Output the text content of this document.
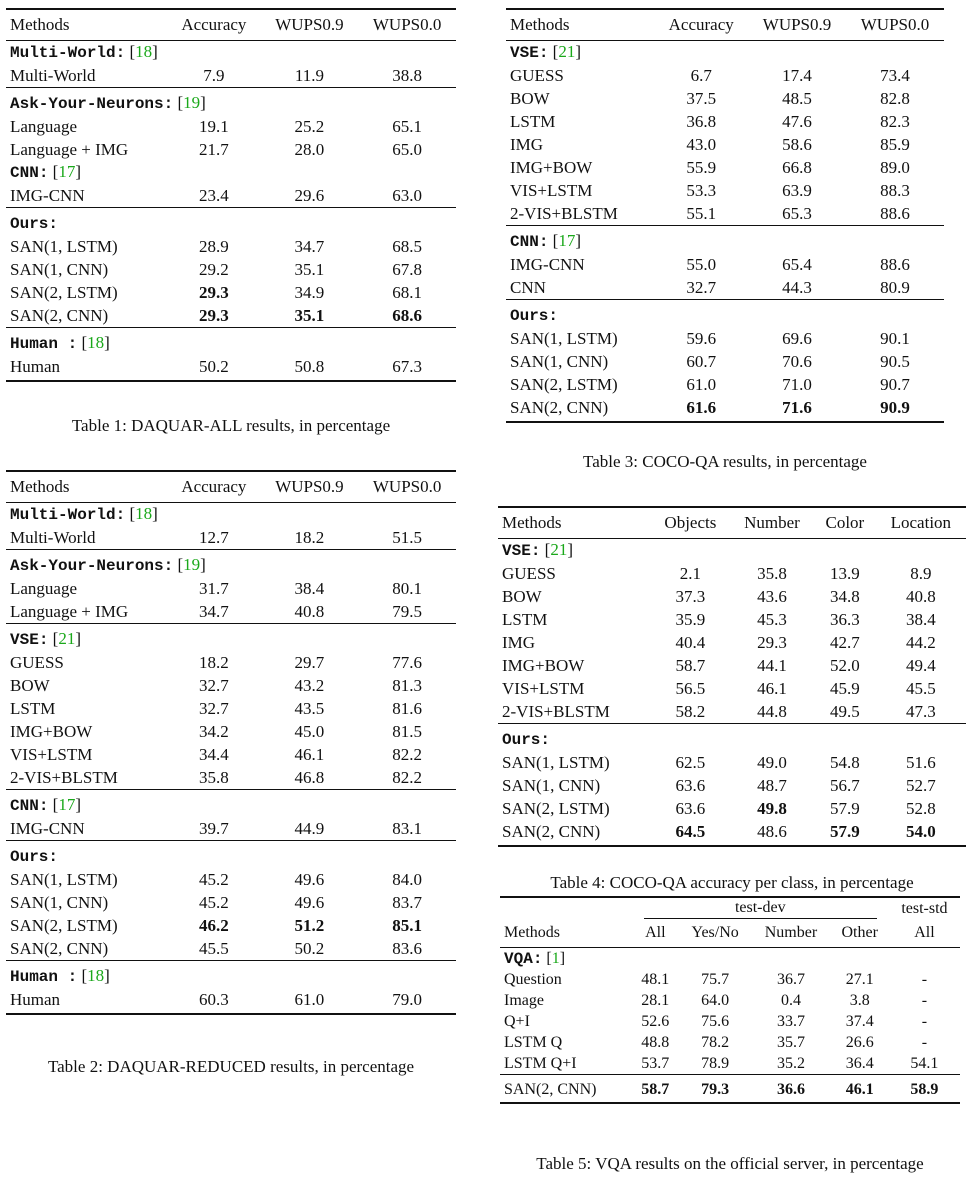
Methods	Accuracy	WUPS0.9	WUPS0.0
Multi-World: [18]			
Multi-World	7.9	11.9	38.8
Ask-Your-Neurons: [19]			
Language	19.1	25.2	65.1
Language + IMG	21.7	28.0	65.0
CNN: [17]			
IMG-CNN	23.4	29.6	63.0
Ours:			
SAN(1, LSTM)	28.9	34.7	68.5
SAN(1, CNN)	29.2	35.1	67.8
SAN(2, LSTM)	29.3	34.9	68.1
SAN(2, CNN)	29.3	35.1	68.6
Human : [18]			
Human	50.2	50.8	67.3
Table 1: DAQUAR-ALL results, in percentage
Methods	Accuracy	WUPS0.9	WUPS0.0
Multi-World: [18]			
Multi-World	12.7	18.2	51.5
Ask-Your-Neurons: [19]			
Language	31.7	38.4	80.1
Language + IMG	34.7	40.8	79.5
VSE: [21]			
GUESS	18.2	29.7	77.6
BOW	32.7	43.2	81.3
LSTM	32.7	43.5	81.6
IMG+BOW	34.2	45.0	81.5
VIS+LSTM	34.4	46.1	82.2
2-VIS+BLSTM	35.8	46.8	82.2
CNN: [17]			
IMG-CNN	39.7	44.9	83.1
Ours:			
SAN(1, LSTM)	45.2	49.6	84.0
SAN(1, CNN)	45.2	49.6	83.7
SAN(2, LSTM)	46.2	51.2	85.1
SAN(2, CNN)	45.5	50.2	83.6
Human : [18]			
Human	60.3	61.0	79.0
Table 2: DAQUAR-REDUCED results, in percentage
Methods	Accuracy	WUPS0.9	WUPS0.0
VSE: [21]			
GUESS	6.7	17.4	73.4
BOW	37.5	48.5	82.8
LSTM	36.8	47.6	82.3
IMG	43.0	58.6	85.9
IMG+BOW	55.9	66.8	89.0
VIS+LSTM	53.3	63.9	88.3
2-VIS+BLSTM	55.1	65.3	88.6
CNN: [17]			
IMG-CNN	55.0	65.4	88.6
CNN	32.7	44.3	80.9
Ours:			
SAN(1, LSTM)	59.6	69.6	90.1
SAN(1, CNN)	60.7	70.6	90.5
SAN(2, LSTM)	61.0	71.0	90.7
SAN(2, CNN)	61.6	71.6	90.9
Table 3: COCO-QA results, in percentage
Methods	Objects	Number	Color	Location
VSE: [21]				
GUESS	2.1	35.8	13.9	8.9
BOW	37.3	43.6	34.8	40.8
LSTM	35.9	45.3	36.3	38.4
IMG	40.4	29.3	42.7	44.2
IMG+BOW	58.7	44.1	52.0	49.4
VIS+LSTM	56.5	46.1	45.9	45.5
2-VIS+BLSTM	58.2	44.8	49.5	47.3
Ours:				
SAN(1, LSTM)	62.5	49.0	54.8	51.6
SAN(1, CNN)	63.6	48.7	56.7	52.7
SAN(2, LSTM)	63.6	49.8	57.9	52.8
SAN(2, CNN)	64.5	48.6	57.9	54.0
Table 4: COCO-QA accuracy per class, in percentage

	test-dev				test-std
Methods	All	Yes/No	Number	Other	All
VQA: [1]					
Question	48.1	75.7	36.7	27.1	-
Image	28.1	64.0	0.4	3.8	-
Q+I	52.6	75.6	33.7	37.4	-
LSTM Q	48.8	78.2	35.7	26.6	-
LSTM Q+I	53.7	78.9	35.2	36.4	54.1
SAN(2, CNN)	58.7	79.3	36.6	46.1	58.9
Table 5: VQA results on the official server, in percentage
